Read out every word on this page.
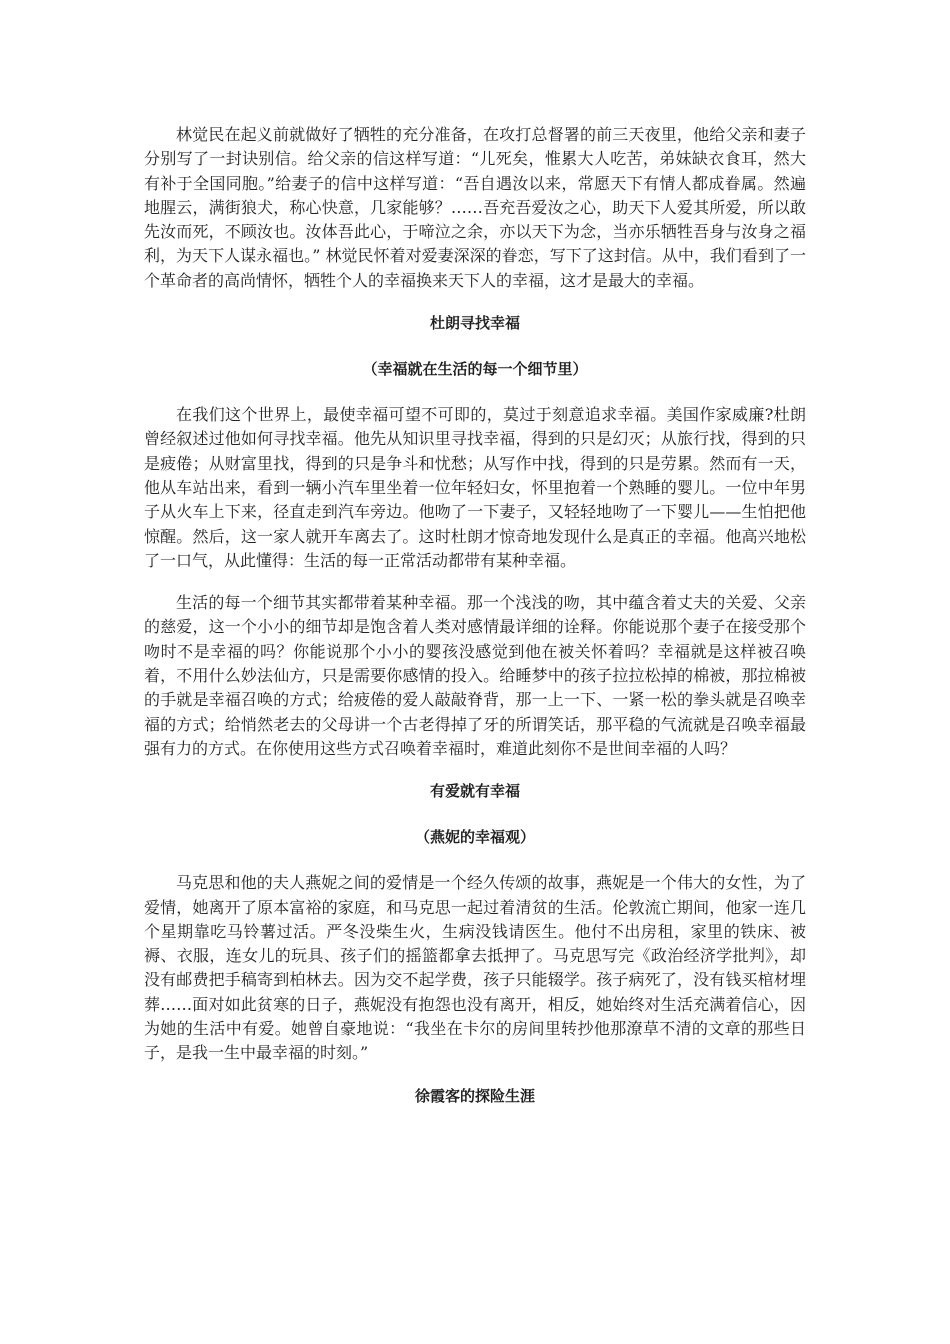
林觉民在起义前就做好了牺牲的充分准备，在攻打总督署的前三天夜里，他给父亲和妻子分别写了一封诀别信。给父亲的信这样写道：“儿死矣，惟累大人吃苦，弟妹缺衣食耳，然大有补于全国同胞。”给妻子的信中这样写道：“吾自遇汝以来，常愿天下有情人都成眷属。然遍地腥云，满街狼犬，称心快意，几家能够？……吾充吾爱汝之心，助天下人爱其所爱，所以敢先汝而死，不顾汝也。汝体吾此心，于啼泣之余，亦以天下为念，当亦乐牺牲吾身与汝身之福利，为天下人谋永福也。” 林觉民怀着对爱妻深深的眷恋，写下了这封信。从中，我们看到了一个革命者的高尚情怀，牺牲个人的幸福换来天下人的幸福，这才是最大的幸福。

杜朗寻找幸福
（幸福就在生活的每一个细节里）

在我们这个世界上，最使幸福可望不可即的，莫过于刻意追求幸福。美国作家威廉?杜朗曾经叙述过他如何寻找幸福。他先从知识里寻找幸福，得到的只是幻灭；从旅行找，得到的只是疲倦；从财富里找，得到的只是争斗和忧愁；从写作中找，得到的只是劳累。然而有一天，他从车站出来，看到一辆小汽车里坐着一位年轻妇女，怀里抱着一个熟睡的婴儿。一位中年男子从火车上下来，径直走到汽车旁边。他吻了一下妻子，又轻轻地吻了一下婴儿——生怕把他惊醒。然后，这一家人就开车离去了。这时杜朗才惊奇地发现什么是真正的幸福。他高兴地松了一口气，从此懂得：生活的每一正常活动都带有某种幸福。

生活的每一个细节其实都带着某种幸福。那一个浅浅的吻，其中蕴含着丈夫的关爱、父亲的慈爱，这一个小小的细节却是饱含着人类对感情最详细的诠释。你能说那个妻子在接受那个吻时不是幸福的吗？你能说那个小小的婴孩没感觉到他在被关怀着吗？幸福就是这样被召唤着，不用什么妙法仙方，只是需要你感情的投入。给睡梦中的孩子拉拉松掉的棉被，那拉棉被的手就是幸福召唤的方式；给疲倦的爱人敲敲脊背，那一上一下、一紧一松的拳头就是召唤幸福的方式；给悄然老去的父母讲一个古老得掉了牙的所谓笑话，那平稳的气流就是召唤幸福最强有力的方式。在你使用这些方式召唤着幸福时，难道此刻你不是世间幸福的人吗？

有爱就有幸福
（燕妮的幸福观）

马克思和他的夫人燕妮之间的爱情是一个经久传颂的故事，燕妮是一个伟大的女性，为了爱情，她离开了原本富裕的家庭，和马克思一起过着清贫的生活。伦敦流亡期间，他家一连几个星期靠吃马铃薯过活。严冬没柴生火，生病没钱请医生。他付不出房租，家里的铁床、被褥、衣服，连女儿的玩具、孩子们的摇篮都拿去抵押了。马克思写完《政治经济学批判》，却没有邮费把手稿寄到柏林去。因为交不起学费，孩子只能辍学。孩子病死了，没有钱买棺材埋葬……面对如此贫寒的日子，燕妮没有抱怨也没有离开，相反，她始终对生活充满着信心，因为她的生活中有爱。她曾自豪地说：“我坐在卡尔的房间里转抄他那潦草不清的文章的那些日子，是我一生中最幸福的时刻。”

徐霞客的探险生涯
